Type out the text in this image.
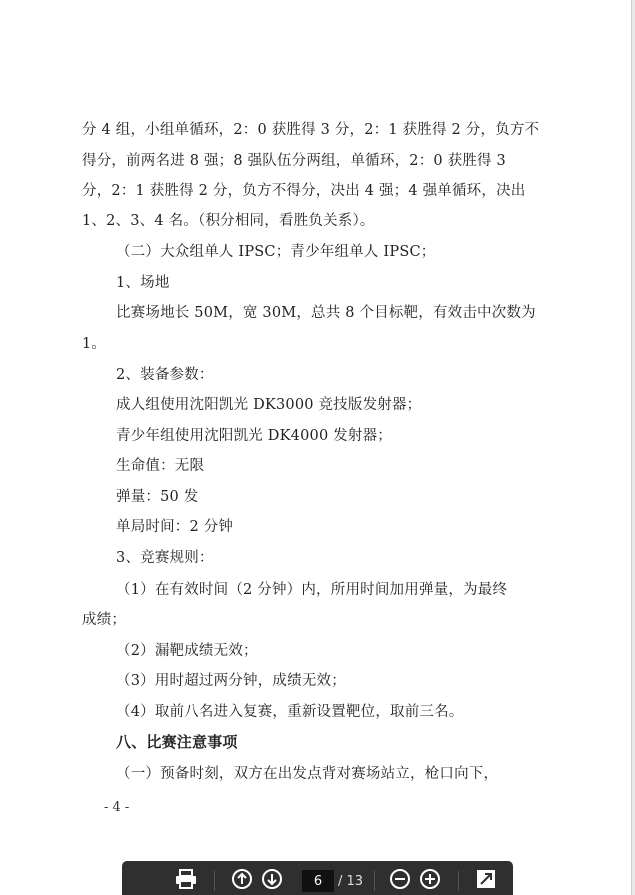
分 4 组，小组单循环，2：0 获胜得 3 分，2：1 获胜得 2 分，负方不
得分，前两名进 8 强；8 强队伍分两组，单循环，2：0 获胜得 3
分，2：1 获胜得 2 分，负方不得分，决出 4 强；4 强单循环，决出
1、2、3、4 名。（积分相同，看胜负关系）。
（二）大众组单人 IPSC；青少年组单人 IPSC；
1、场地
比赛场地长 50M，宽 30M，总共 8 个目标靶，有效击中次数为
1。
2、装备参数：
成人组使用沈阳凯光 DK3000 竞技版发射器；
青少年组使用沈阳凯光 DK4000 发射器；
生命值：无限
弹量：50 发
单局时间：2 分钟
3、竞赛规则：
（1）在有效时间（2 分钟）内，所用时间加用弹量，为最终
成绩；
（2）漏靶成绩无效；
（3）用时超过两分钟，成绩无效；
（4）取前八名进入复赛，重新设置靶位，取前三名。
八、比赛注意事项
（一）预备时刻，双方在出发点背对赛场站立，枪口向下，
- 4 -
6
/ 13
